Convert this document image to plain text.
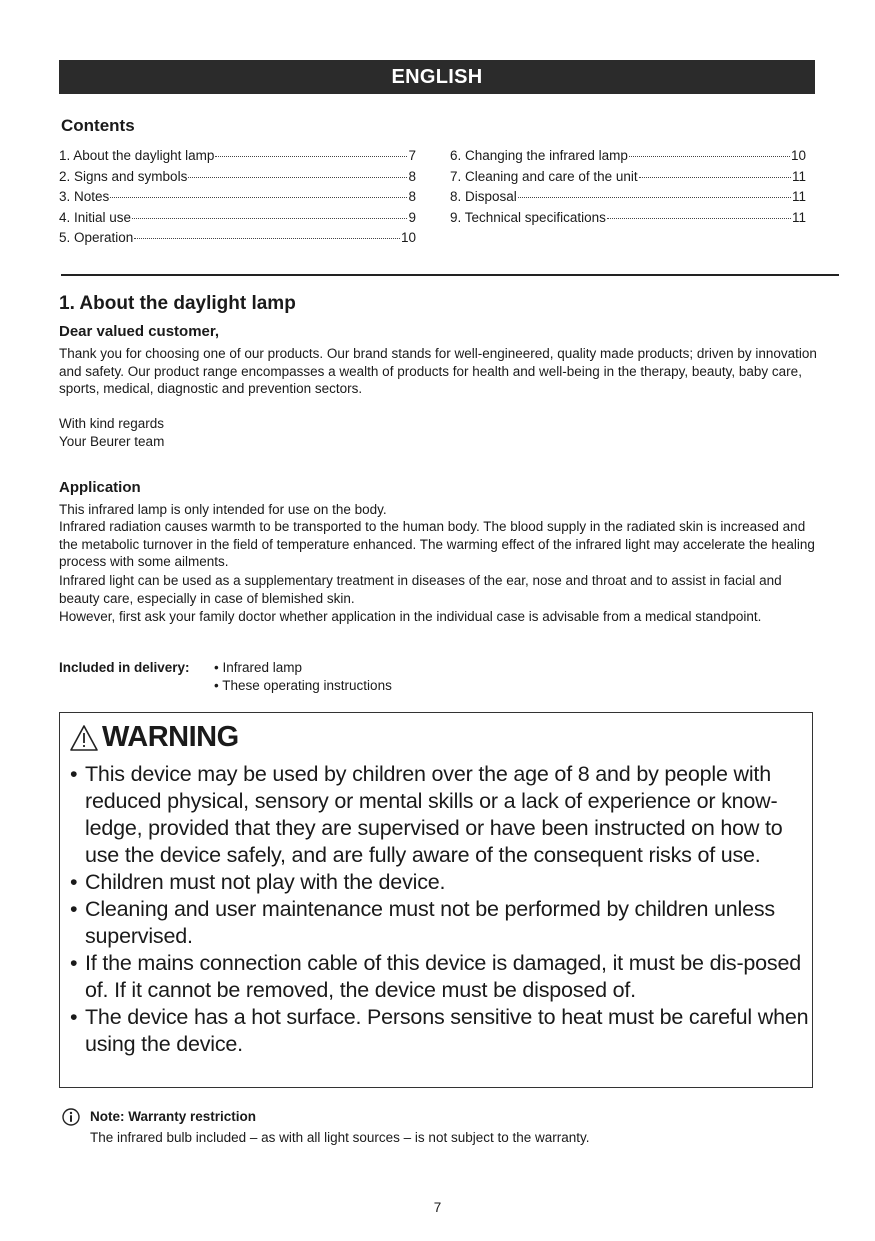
ENGLISH
Contents
1. About the daylight lamp	7
2. Signs and symbols	8
3. Notes	8
4. Initial use	9
5. Operation	10
6. Changing the infrared lamp	10
7. Cleaning and care of the unit	11
8. Disposal	11
9. Technical specifications	11
1. About the daylight lamp
Dear valued customer,
Thank you for choosing one of our products. Our brand stands for well-engineered, quality made products; driven by innovation and safety. Our product range encompasses a wealth of products for health and well-being in the therapy, beauty, baby care, sports, medical, diagnostic and prevention sectors.
With kind regards
Your Beurer team
Application
This infrared lamp is only intended for use on the body.
Infrared radiation causes warmth to be transported to the human body. The blood supply in the radiated skin is increased and the metabolic turnover in the field of temperature enhanced. The warming effect of the infrared light may accelerate the healing process with some ailments.
Infrared light can be used as a supplementary treatment in diseases of the ear, nose and throat and to assist in facial and beauty care, especially in case of blemished skin.
However, first ask your family doctor whether application in the individual case is advisable from a medical standpoint.
Included in delivery: • Infrared lamp
• These operating instructions
WARNING
• This device may be used by children over the age of 8 and by people with reduced physical, sensory or mental skills or a lack of experience or know-ledge, provided that they are supervised or have been instructed on how to use the device safely, and are fully aware of the consequent risks of use.
• Children must not play with the device.
• Cleaning and user maintenance must not be performed by children unless supervised.
• If the mains connection cable of this device is damaged, it must be dis-posed of. If it cannot be removed, the device must be disposed of.
• The device has a hot surface. Persons sensitive to heat must be careful when using the device.
Note: Warranty restriction
The infrared bulb included – as with all light sources – is not subject to the warranty.
7
